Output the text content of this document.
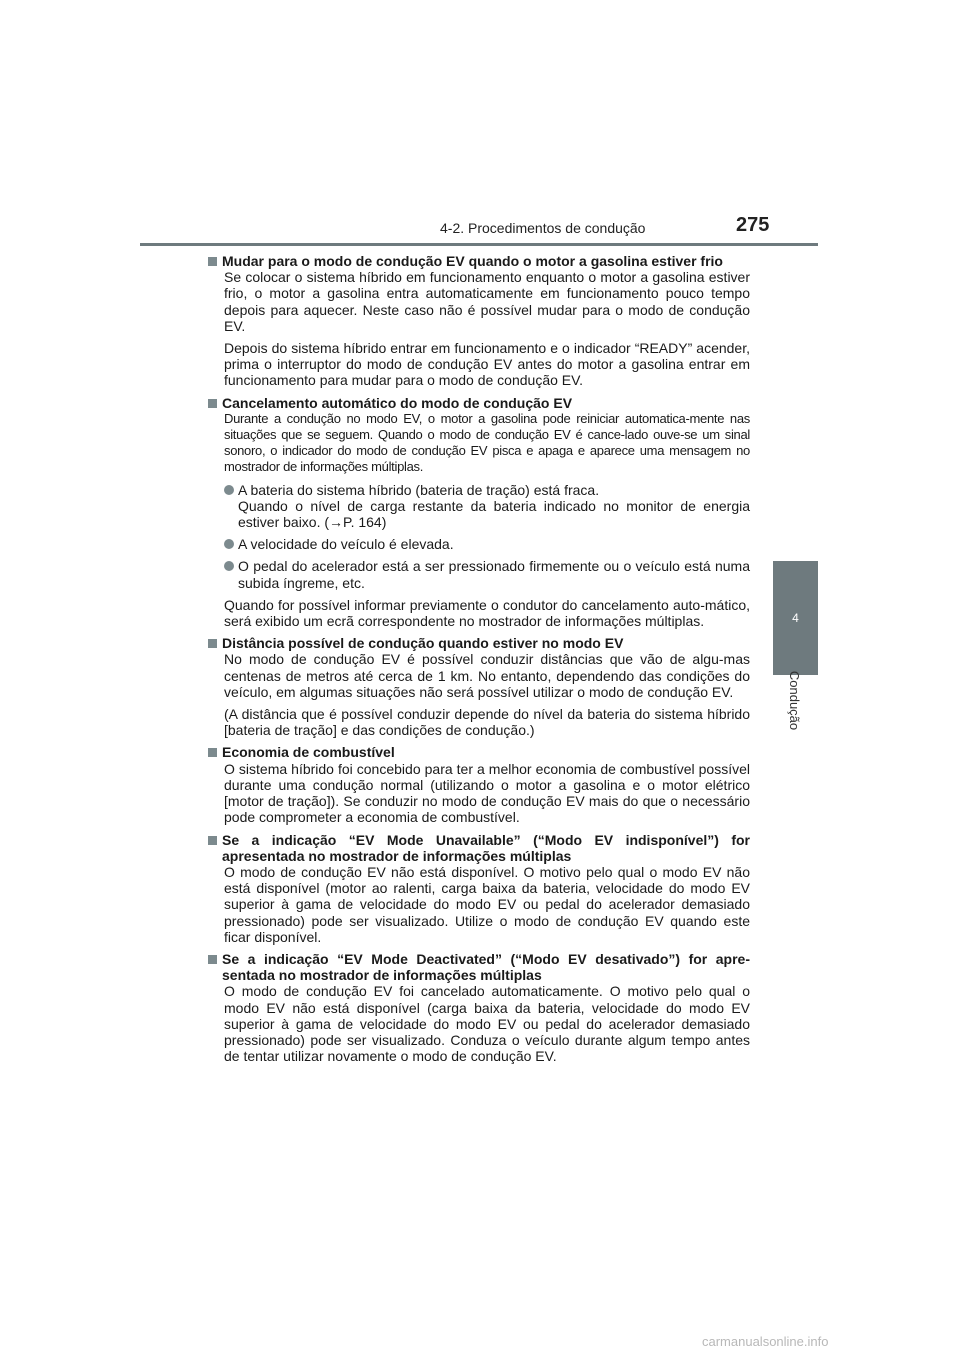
4-2. Procedimentos de condução	275
4
Condução
Mudar para o modo de condução EV quando o motor a gasolina estiver frio

Se colocar o sistema híbrido em funcionamento enquanto o motor a gasolina estiver frio, o motor a gasolina entra automaticamente em funcionamento pouco tempo depois para aquecer. Neste caso não é possível mudar para o modo de condução EV.

Depois do sistema híbrido entrar em funcionamento e o indicador “READY” acender, prima o interruptor do modo de condução EV antes do motor a gasolina entrar em funcionamento para mudar para o modo de condução EV.

Cancelamento automático do modo de condução EV

Durante a condução no modo EV, o motor a gasolina pode reiniciar automatica-mente nas situações que se seguem. Quando o modo de condução EV é cance-lado ouve-se um sinal sonoro, o indicador do modo de condução EV pisca e apaga e aparece uma mensagem no mostrador de informações múltiplas.

A bateria do sistema híbrido (bateria de tração) está fraca.
Quando o nível de carga restante da bateria indicado no monitor de energia estiver baixo. (→P. 164)
A velocidade do veículo é elevada.
O pedal do acelerador está a ser pressionado firmemente ou o veículo está numa subida íngreme, etc.

Quando for possível informar previamente o condutor do cancelamento auto-mático, será exibido um ecrã correspondente no mostrador de informações múltiplas.

Distância possível de condução quando estiver no modo EV

No modo de condução EV é possível conduzir distâncias que vão de algu-mas centenas de metros até cerca de 1 km. No entanto, dependendo das condições do veículo, em algumas situações não será possível utilizar o modo de condução EV.

(A distância que é possível conduzir depende do nível da bateria do sistema híbrido [bateria de tração] e das condições de condução.)

Economia de combustível

O sistema híbrido foi concebido para ter a melhor economia de combustível possível durante uma condução normal (utilizando o motor a gasolina e o motor elétrico [motor de tração]). Se conduzir no modo de condução EV mais do que o necessário pode comprometer a economia de combustível.

Se a indicação “EV Mode Unavailable” (“Modo EV indisponível”) for apresentada no mostrador de informações múltiplas

O modo de condução EV não está disponível. O motivo pelo qual o modo EV não está disponível (motor ao ralenti, carga baixa da bateria, velocidade do modo EV superior à gama de velocidade do modo EV ou pedal do acelerador demasiado pressionado) pode ser visualizado. Utilize o modo de condução EV quando este ficar disponível.

Se a indicação “EV Mode Deactivated” (“Modo EV desativado”) for apre-sentada no mostrador de informações múltiplas

O modo de condução EV foi cancelado automaticamente. O motivo pelo qual o modo EV não está disponível (carga baixa da bateria, velocidade do modo EV superior à gama de velocidade do modo EV ou pedal do acelerador demasiado pressionado) pode ser visualizado. Conduza o veículo durante algum tempo antes de tentar utilizar novamente o modo de condução EV.

carmanualsonline.info
